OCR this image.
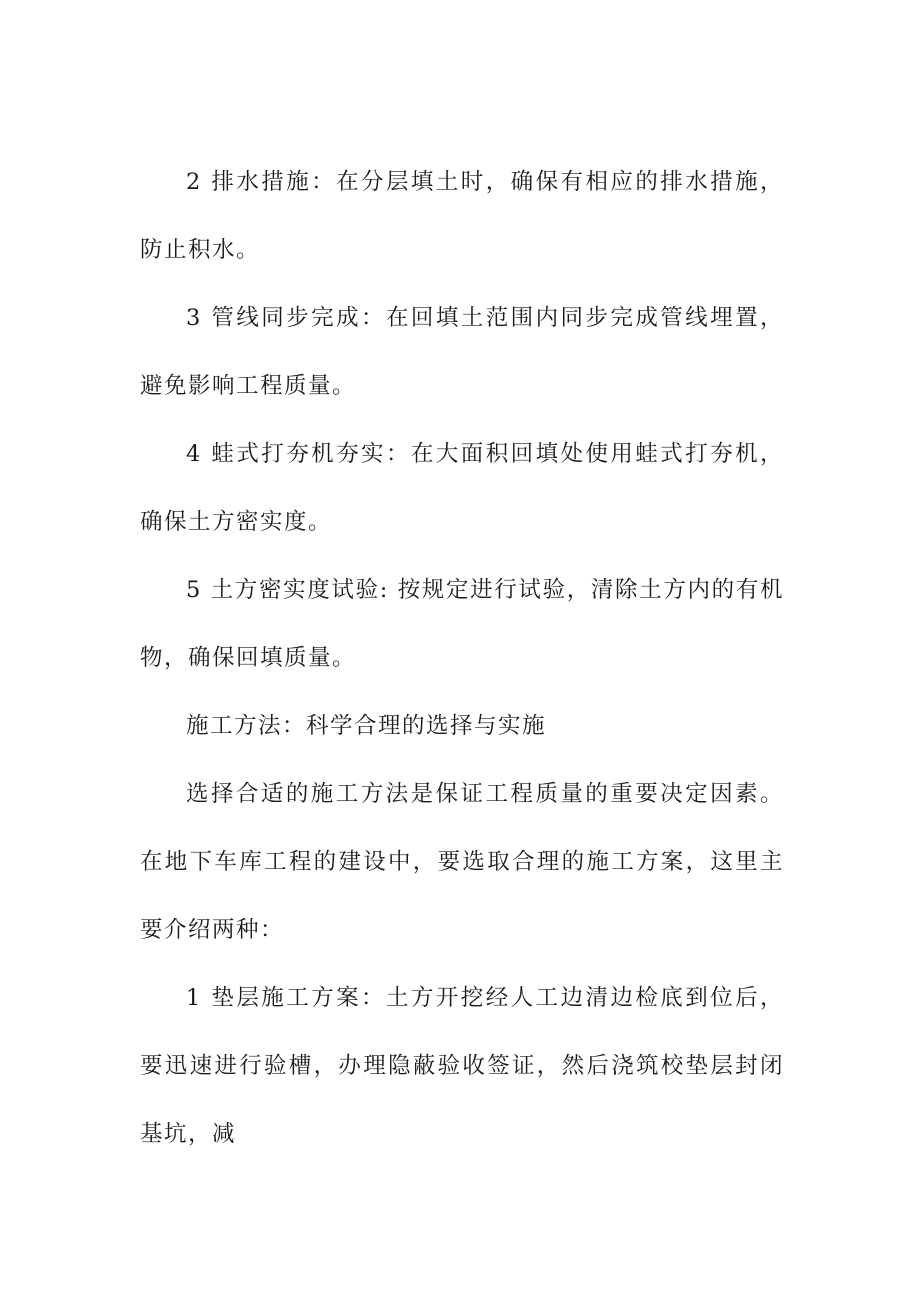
2 排水措施：在分层填土时，确保有相应的排水措施，防止积水。

3 管线同步完成：在回填土范围内同步完成管线埋置，避免影响工程质量。

4 蛙式打夯机夯实：在大面积回填处使用蛙式打夯机，确保土方密实度。

5 土方密实度试验: 按规定进行试验，清除土方内的有机物，确保回填质量。

施工方法：科学合理的选择与实施

选择合适的施工方法是保证工程质量的重要决定因素。在地下车库工程的建设中，要选取合理的施工方案，这里主要介绍两种：

1 垫层施工方案：土方开挖经人工边清边检底到位后，要迅速进行验槽，办理隐蔽验收签证，然后浇筑校垫层封闭基坑，减
